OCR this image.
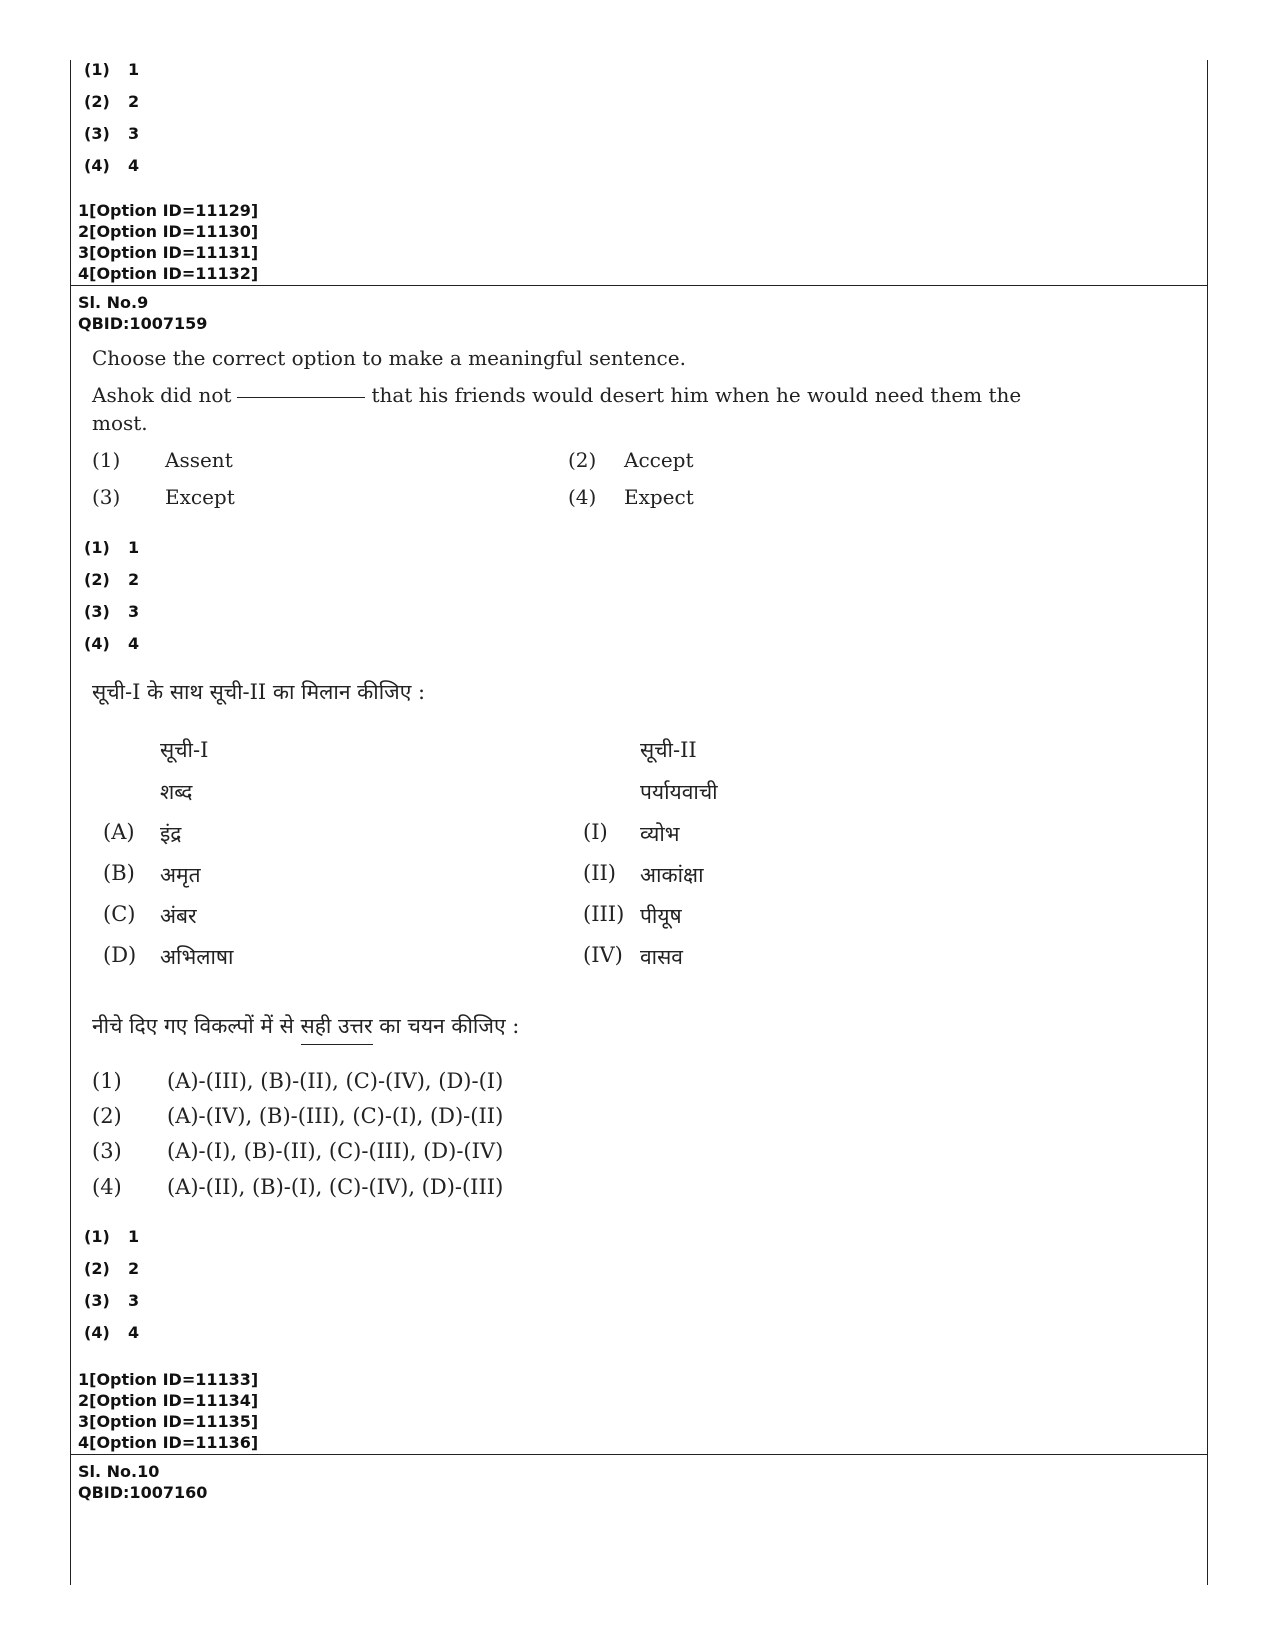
(1) 1
(2) 2
(3) 3
(4) 4
1[Option ID=11129]
2[Option ID=11130]
3[Option ID=11131]
4[Option ID=11132]
Sl. No.9
QBID:1007159
Choose the correct option to make a meaningful sentence.
Ashok did not	that his friends would desert him when he would need them the
most.
(1) Assent	(2) Accept
(3) Except	(4) Expect
(1) 1
(2) 2
(3) 3
(4) 4
सूची-I के साथ सूची-II का मिलान कीजिए :
सूची-I	सूची-II
शब्द	पर्यायवाची
(A) इंद्र	(I) व्योभ
(B) अमृत	(II) आकांक्षा
(C) अंबर	(III) पीयूष
(D) अभिलाषा	(IV) वासव
नीचे दिए गए विकल्पों में से सही उत्तर का चयन कीजिए :
(1) (A)-(III), (B)-(II), (C)-(IV), (D)-(I)
(2) (A)-(IV), (B)-(III), (C)-(I), (D)-(II)
(3) (A)-(I), (B)-(II), (C)-(III), (D)-(IV)
(4) (A)-(II), (B)-(I), (C)-(IV), (D)-(III)
(1) 1
(2) 2
(3) 3
(4) 4
1[Option ID=11133]
2[Option ID=11134]
3[Option ID=11135]
4[Option ID=11136]
Sl. No.10
QBID:1007160
